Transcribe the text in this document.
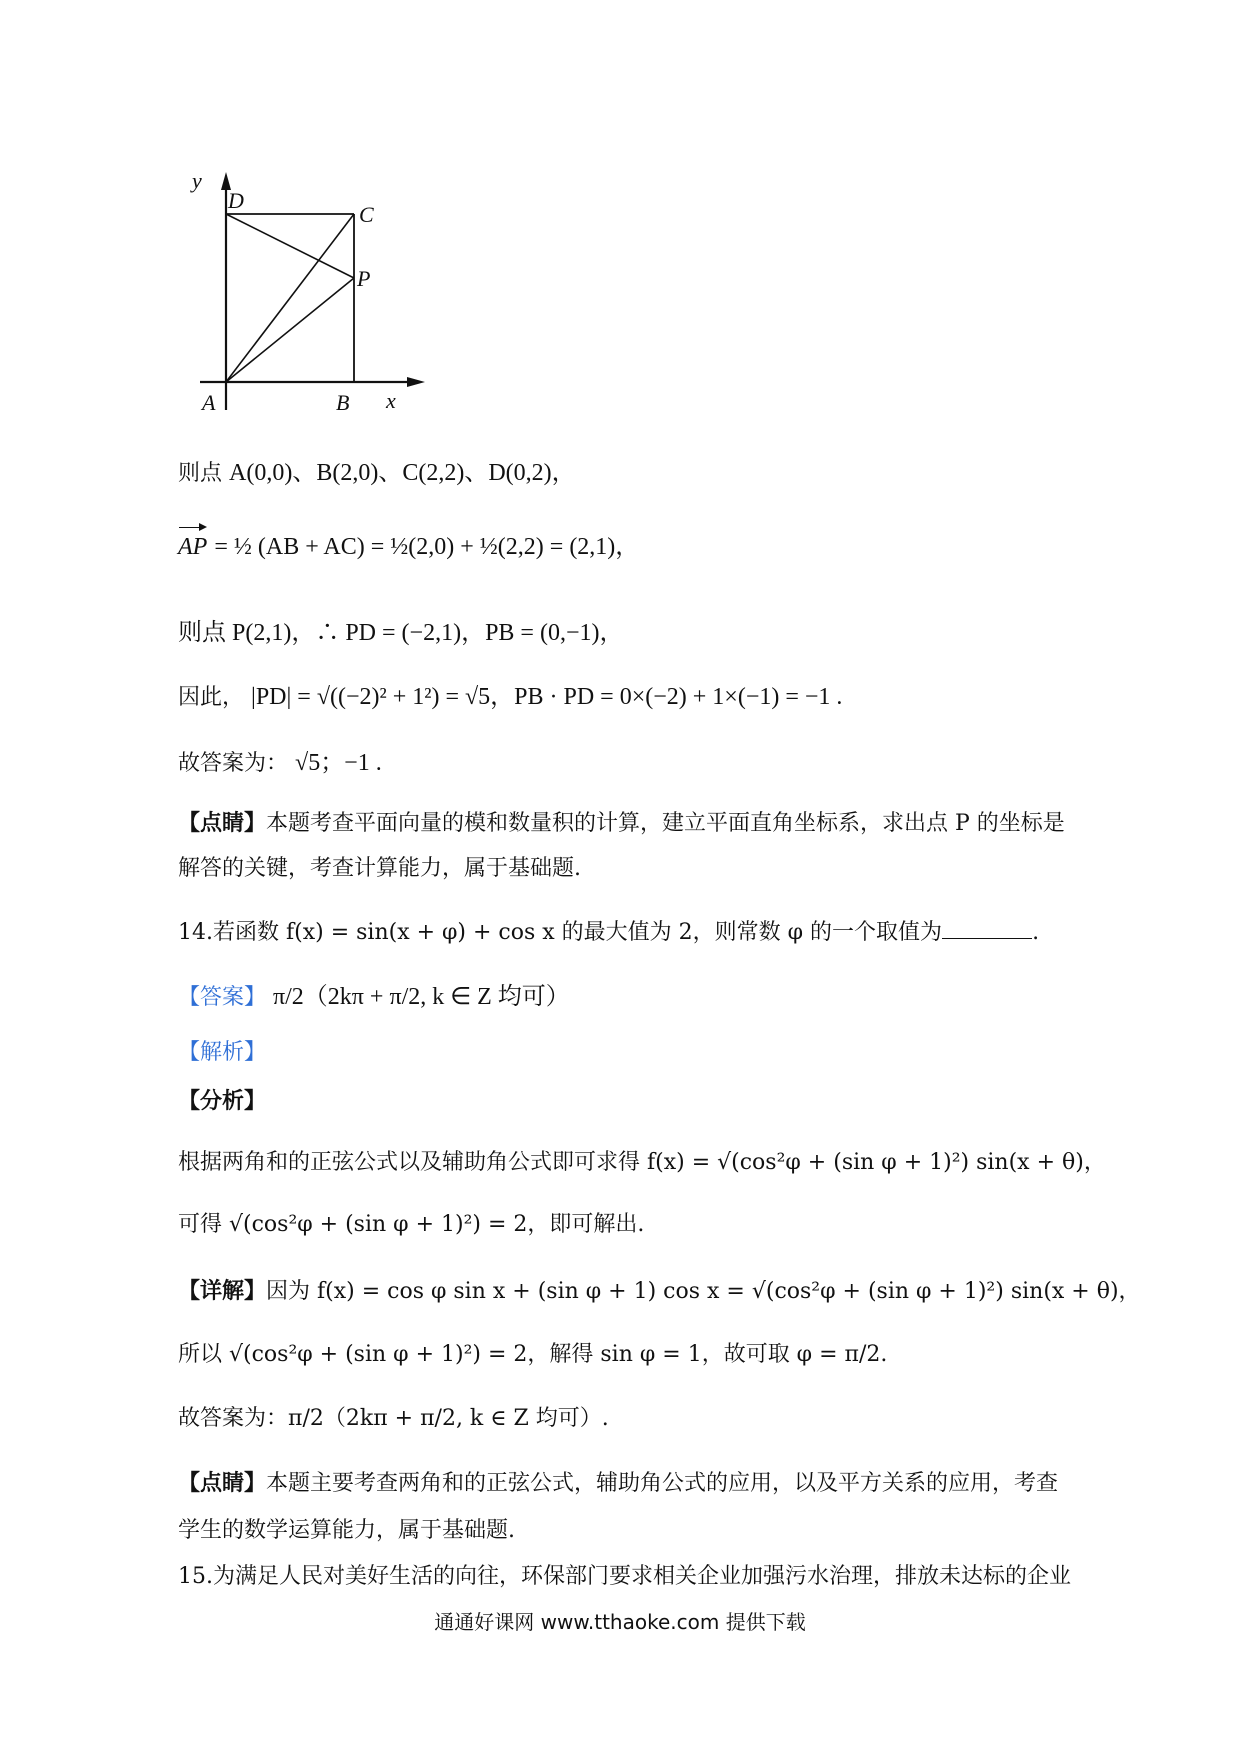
y
D
C
P
A	B x
则点 A(0,0)、B(2,0)、C(2,2)、D(0,2)，
AP = ½ (AB + AC) = ½(2,0) + ½(2,2) = (2,1)，
则点 P(2,1)，∴ PD = (−2,1)，PB = (0,−1)，
因此， |PD| = √((−2)² + 1²) = √5，PB · PD = 0×(−2) + 1×(−1) = −1 .
故答案为： √5；−1 .
【点睛】本题考查平面向量的模和数量积的计算，建立平面直角坐标系，求出点 P 的坐标是
解答的关键，考查计算能力，属于基础题.
14.若函数 f(x) = sin(x + φ) + cos x 的最大值为 2，则常数 φ 的一个取值为	.
【答案】 π/2（2kπ + π/2, k ∈ Z 均可）
【解析】
【分析】
根据两角和的正弦公式以及辅助角公式即可求得 f(x) = √(cos²φ + (sin φ + 1)²) sin(x + θ)，
可得 √(cos²φ + (sin φ + 1)²) = 2，即可解出.
【详解】因为 f(x) = cos φ sin x + (sin φ + 1) cos x = √(cos²φ + (sin φ + 1)²) sin(x + θ)，
所以 √(cos²φ + (sin φ + 1)²) = 2，解得 sin φ = 1，故可取 φ = π/2.
故答案为：π/2（2kπ + π/2, k ∈ Z 均可）.
【点睛】本题主要考查两角和的正弦公式，辅助角公式的应用，以及平方关系的应用，考查
学生的数学运算能力，属于基础题.
15.为满足人民对美好生活的向往，环保部门要求相关企业加强污水治理，排放未达标的企业
通通好课网 www.tthaoke.com 提供下载
